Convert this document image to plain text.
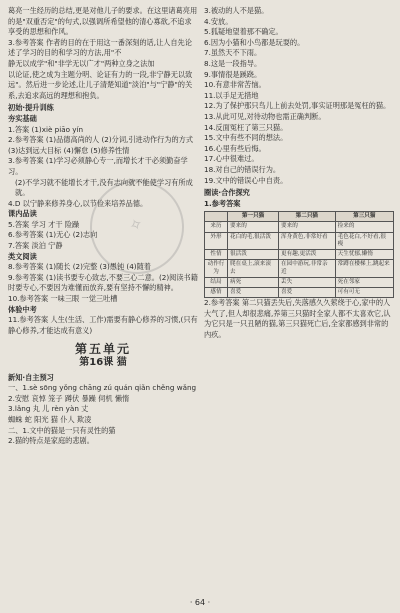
✧
葛亮一生经历的总结,更是对他儿子的要求。在这里诸葛亮用的是"双重否定"的句式,以强调所希望他的清心寡欲,不追求享受的思想和作风。
3.参考答案 作者的目的在于用这一番深刻的话,让人自先论述了学习的目的和学习的方法,用"不
静无以成学"和"非学无以广才"两种立身之法加
以论证,使之成为主题分明、论证有力的一段,非宁静无以致远"。然后进一步论述,让儿子清楚知道"淡泊"与"宁静"的关系,去追求高远的理想和抱负。
初始·提升训练
夯实基础
1.答案 (1)xiè piāo yín
2.参考答案 (1)品德高尚的人 (2)分词,引进动作行为的方式 (3)达到远大目标 (4)懈怠 (5)修养性情
3.参考答案 (1)学习必须静心专一,而增长才干必须勤奋学习。
(2)不学习就不能增长才干,没有志向就不能使学习有所成就。
4.D 以宁静来修养身心,以节俭来培养品德。
课内品读
5.答案 学习 才干 险躁
6.参考答案 (1)无心 (2)志向
7.答案 淡泊 宁静
类文阅读
8.参考答案 (1)随长 (2)完整 (3)愚钝 (4)随着
9.参考答案 (1)读书要专心致志,不要三心二意。(2)阅读书籍时要专心,不要因为难懂而放弃,要有坚持不懈的精神。
10.参考答案 一味三眼 一觉三吐槽
体验中考
11.参考答案 人生(生活、工作)需要有静心修养的习惯,(只有静心修养,才能达成有意义)
第五单元
第16课 猫
新知·自主预习
一、1.sè sōng yǒng chāng zú quán qiǎn chěng wǎng
2.安慰 哀悼 笼子 蹲伏 暴躁 伺机 懒惰
3.lǎng 丸 儿 rèn yàn 丈
蜘蛛 蛇 阳光 猫 仆人 欺凌
二、1.文中的猫是一只有灵性的猫
2.猫的特点是家庭的悲剧。
3.被动的人不是猫。
4.安放。
5.狐疑地望着那不确定。
6.因为小猫和小鸟都是玩耍的。
7.虽然天不下雨。
8.这是一段指导。
9.事情很是蹊跷。
10.有意非常苦恼。
11.以手足无措地
12.为了保护那只鸟儿上前去处罚,事实证明那是冤枉的猫。
13.从此可见,对待动物也需正确判断。
14.反面冤枉了第三只猫。
15.文中有些不同的想法。
16.心里有些后悔。
17.心中很难过。
18.对自己的错误行为。
19.文中的错误心中自责。
圈读·合作探究
1.参考答案
	第一只猫	第二只猫	第三只猫
来历	要来的	要来的	捡来的
外形	花白的毛,很活泼	浑身黄色,非常好看	毛色花白,不好看,很瘦
性情	很活泼	更有趣,更活泼	天生忧郁,懒惰
动作行为	爬在桌上,滚来滚去	在园中游玩,非常亲近	常蹲在楼梯上,跳起来
结局	病死	丢失	死在邻家
感情	喜爱	喜爱	可有可无
2.参考答案 第二只猫丢失后,失落感久久萦绕于心,家中的人大气了,但人却很悲痛,养第三只猫时全家人都不太喜欢它,认为它只是一只丑陋的猫,第三只猫死亡后,全家都感到非常的内疚。
· 64 ·
